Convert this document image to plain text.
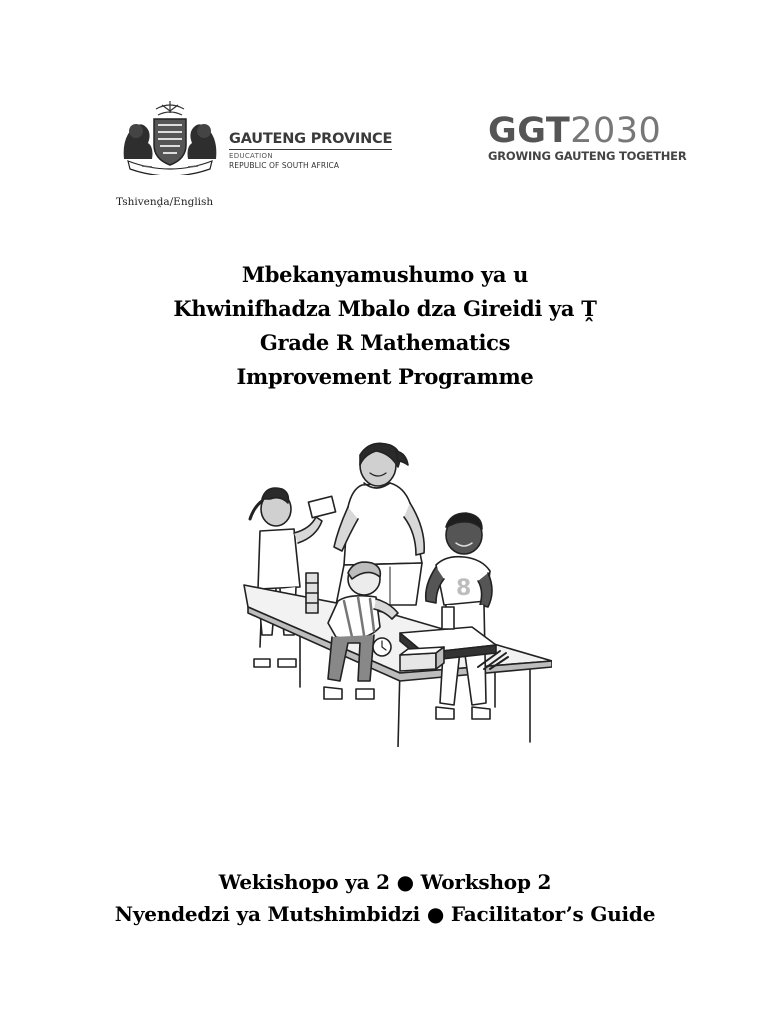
GAUTENG PROVINCE
EDUCATION
REPUBLIC OF SOUTH AFRICA
GGT2030
GROWING GAUTENG TOGETHER
Tshivenḓa/English
Mbekanyamushumo ya u
Khwinifhadza Mbalo dza Gireidi ya Ṱ
Grade R Mathematics
Improvement Programme
8
Wekishopo ya 2 ● Workshop 2
Nyendedzi ya Mutshimbidzi ● Facilitator’s Guide
